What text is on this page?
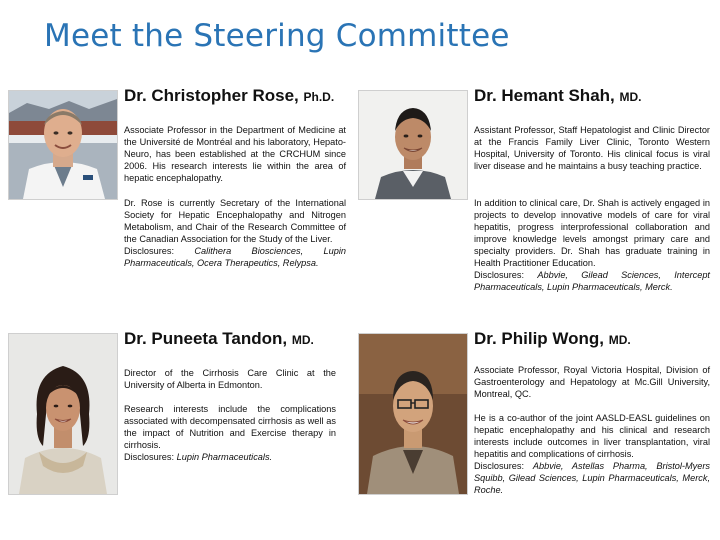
Meet the Steering Committee
Dr. Christopher Rose, Ph.D.

Associate Professor in the Department of Medicine at the Université de Montréal and his laboratory, Hepato-Neuro, has been established at the CRCHUM since 2006. His research interests lie within the area of hepatic encephalopathy.

Dr. Rose is currently Secretary of the International Society for Hepatic Encephalopathy and Nitrogen Metabolism, and Chair of the Research Committee of the Canadian Association for the Study of the Liver.
Disclosures: Calithera Biosciences, Lupin Pharmaceuticals, Ocera Therapeutics, Relypsa.
Dr. Hemant Shah, MD.

Assistant Professor, Staff Hepatologist and Clinic Director at the Francis Family Liver Clinic, Toronto Western Hospital, University of Toronto. His clinical focus is viral liver disease and he maintains a busy teaching practice.

In addition to clinical care, Dr. Shah is actively engaged in projects to develop innovative models of care for viral hepatitis, progress interprofessional collaboration and improve knowledge levels amongst primary care and specialty providers. Dr. Shah has graduate training in Health Practitioner Education.
Disclosures: Abbvie, Gilead Sciences, Intercept Pharmaceuticals, Lupin Pharmaceuticals, Merck.
Dr. Puneeta Tandon, MD.

Director of the Cirrhosis Care Clinic at the University of Alberta in Edmonton.

Research interests include the complications associated with decompensated cirrhosis as well as the impact of Nutrition and Exercise therapy in cirrhosis.
Disclosures: Lupin Pharmaceuticals.
Dr. Philip Wong, MD.

Associate Professor, Royal Victoria Hospital, Division of Gastroenterology and Hepatology at Mc.Gill University, Montreal, QC.

He is a co-author of the joint AASLD-EASL guidelines on hepatic encephalopathy and his clinical and research interests include outcomes in liver transplantation, viral hepatitis and complications of cirrhosis.
Disclosures: Abbvie, Astellas Pharma, Bristol-Myers Squibb, Gilead Sciences, Lupin Pharmaceuticals, Merck, Roche.
